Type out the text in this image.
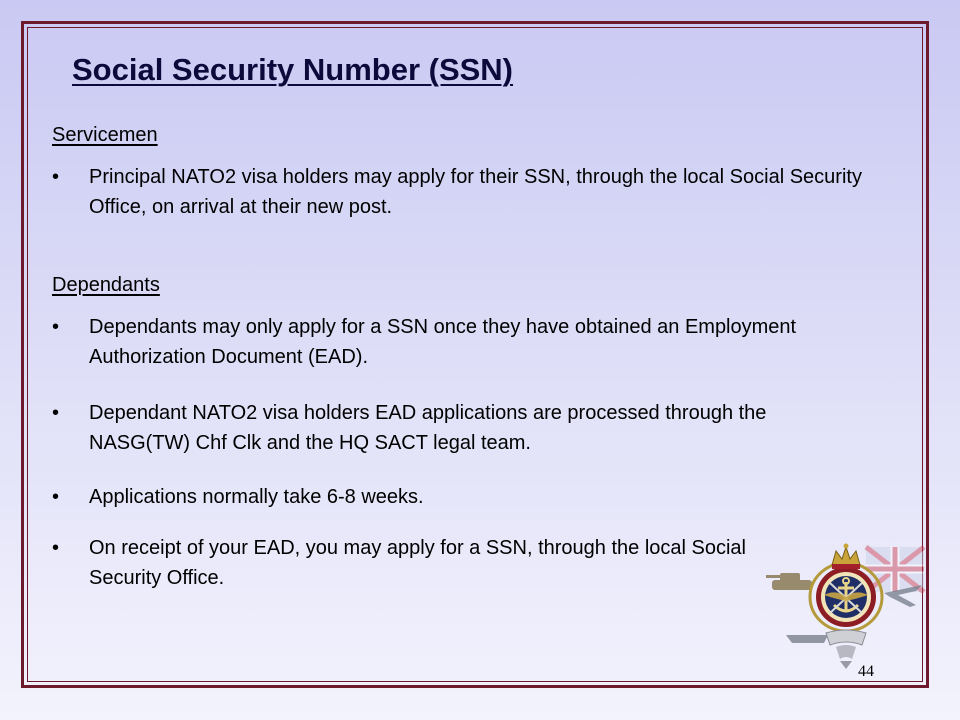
Social Security Number (SSN)

Servicemen

•	Principal NATO2 visa holders may apply for their SSN, through the local Social Security Office, on arrival at their new post.

Dependants

•	Dependants may only apply for a SSN once they have obtained an Employment Authorization Document (EAD).

•	Dependant NATO2 visa holders EAD applications are processed through the NASG(TW) Chf Clk and the HQ SACT legal team.

•	Applications normally take 6-8 weeks.

•	On receipt of your EAD, you may apply for a SSN, through the local Social Security Office.

44
